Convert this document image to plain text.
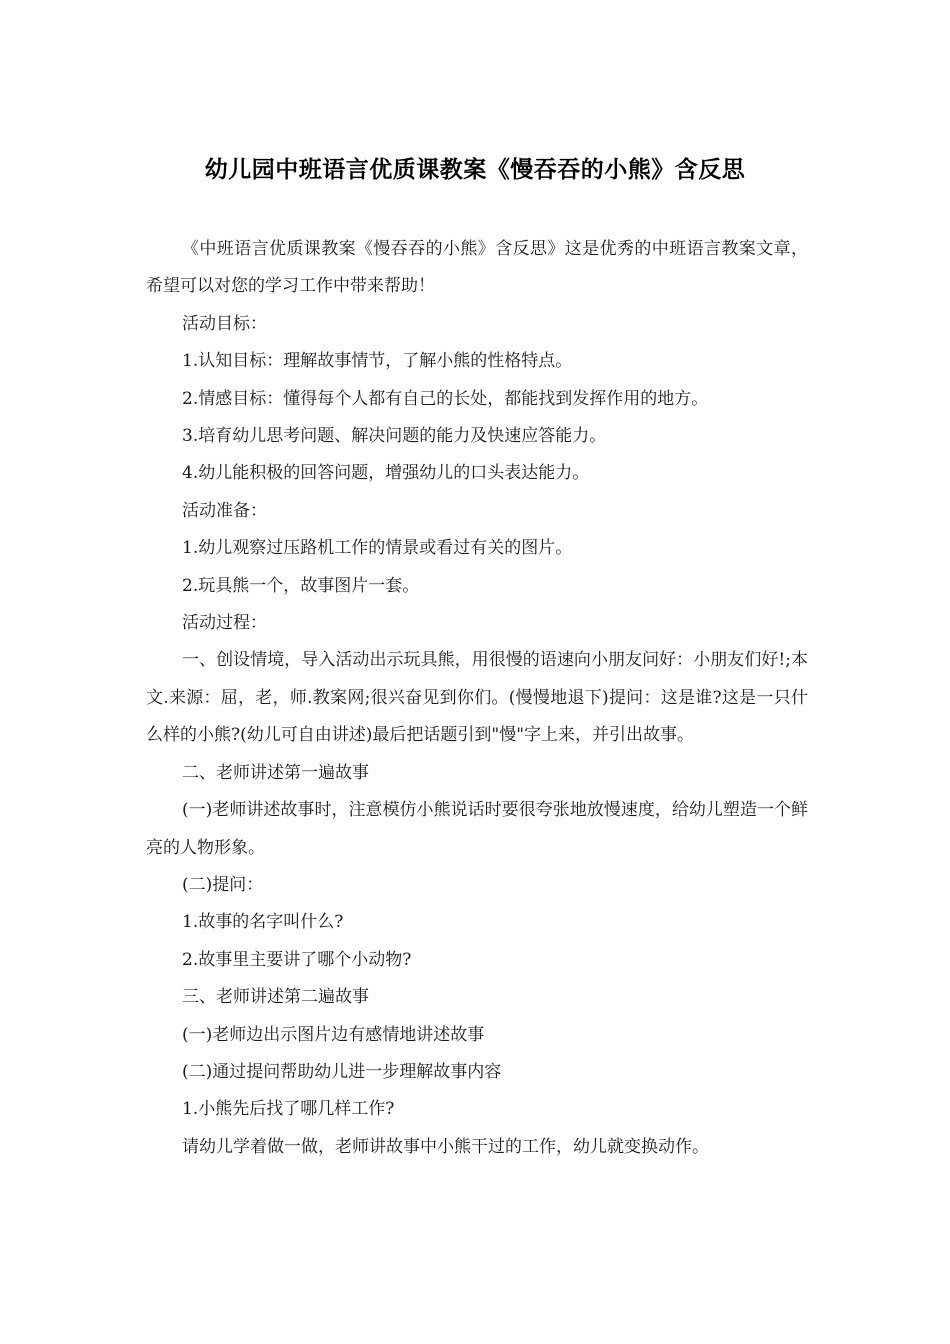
幼儿园中班语言优质课教案《慢吞吞的小熊》含反思

《中班语言优质课教案《慢吞吞的小熊》含反思》这是优秀的中班语言教案文章，希望可以对您的学习工作中带来帮助！

活动目标：

1.认知目标：理解故事情节，了解小熊的性格特点。

2.情感目标：懂得每个人都有自己的长处，都能找到发挥作用的地方。

3.培育幼儿思考问题、解决问题的能力及快速应答能力。

4.幼儿能积极的回答问题，增强幼儿的口头表达能力。

活动准备：

1.幼儿观察过压路机工作的情景或看过有关的图片。

2.玩具熊一个，故事图片一套。

活动过程：

一、创设情境，导入活动出示玩具熊，用很慢的语速向小朋友问好：小朋友们好!;本文.来源：屈，老，师.教案网;很兴奋见到你们。(慢慢地退下)提问：这是谁?这是一只什么样的小熊?(幼儿可自由讲述)最后把话题引到"慢"字上来，并引出故事。

二、老师讲述第一遍故事

(一)老师讲述故事时，注意模仿小熊说话时要很夸张地放慢速度，给幼儿塑造一个鲜亮的人物形象。

(二)提问：

1.故事的名字叫什么?

2.故事里主要讲了哪个小动物?

三、老师讲述第二遍故事

(一)老师边出示图片边有感情地讲述故事

(二)通过提问帮助幼儿进一步理解故事内容

1.小熊先后找了哪几样工作?

请幼儿学着做一做，老师讲故事中小熊干过的工作，幼儿就变换动作。
